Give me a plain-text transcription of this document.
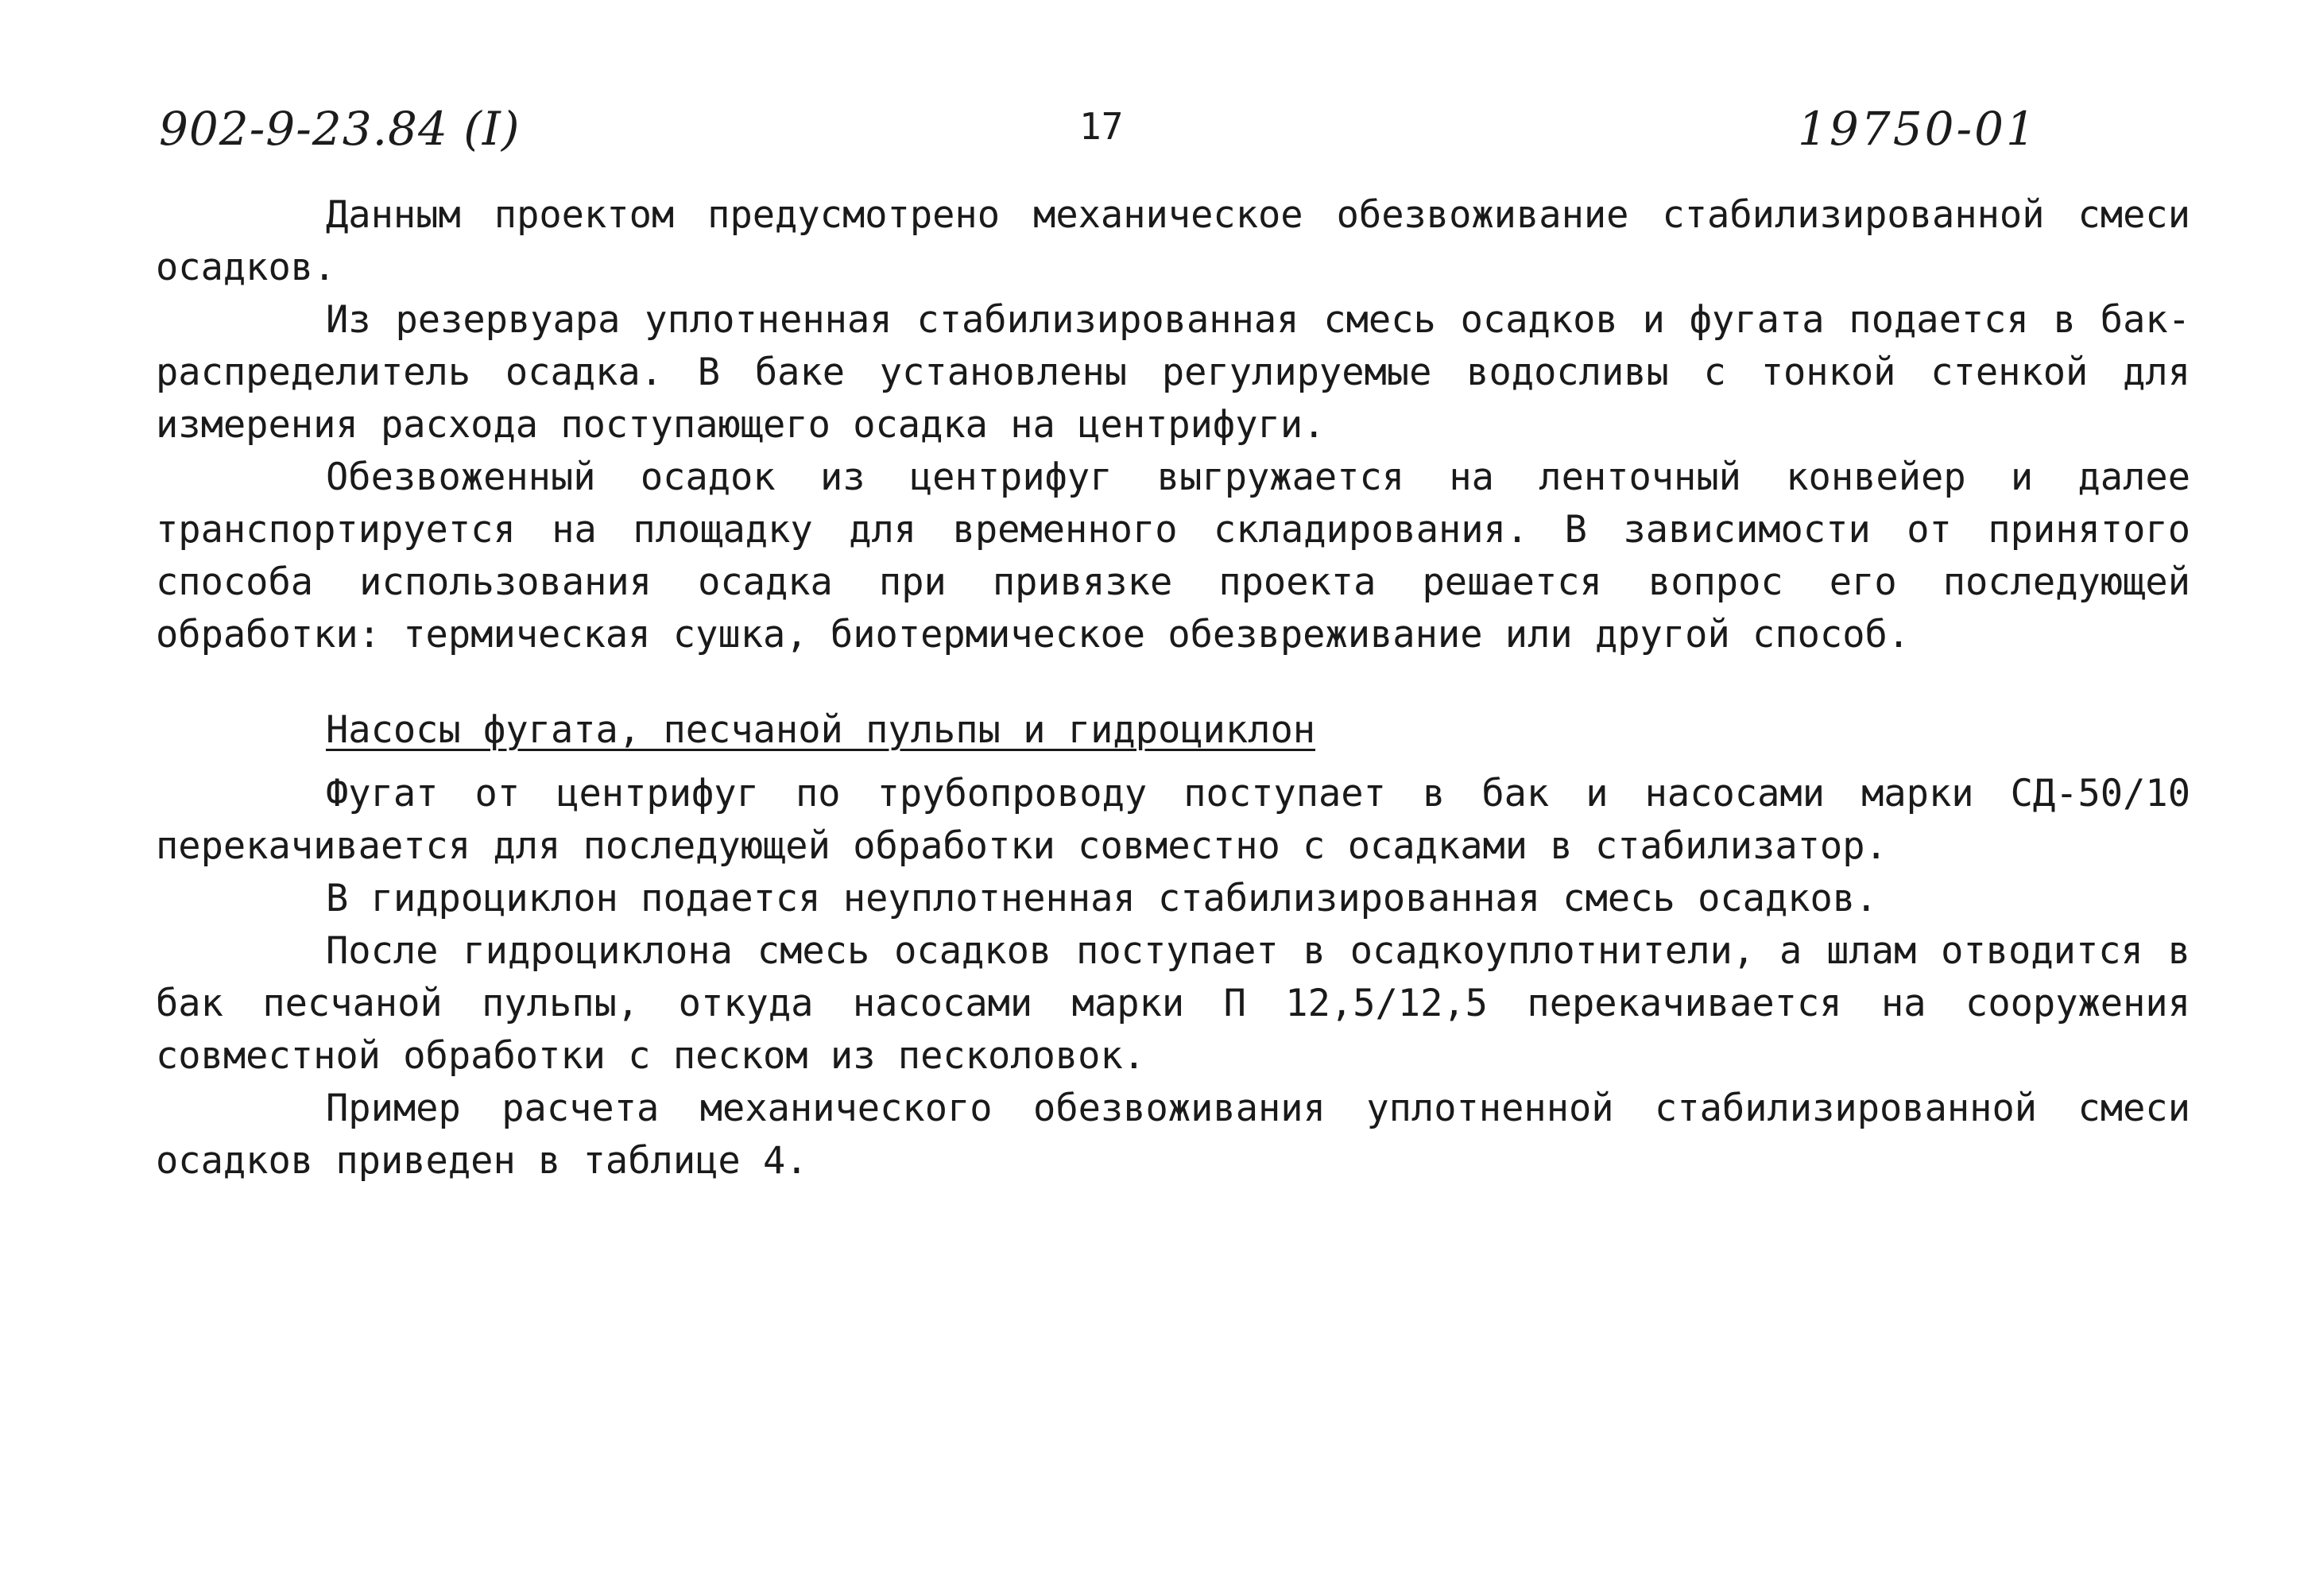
902-9-23.84 (I)	17	19750-01

Данным проектом предусмотрено механическое обезвоживание стабилизированной смеси осадков.

Из резервуара уплотненная стабилизированная смесь осадков и фугата подается в бак-распределитель осадка. В баке установлены регулируемые водосливы с тонкой стенкой для измерения расхода поступающего осадка на центрифуги.

Обезвоженный осадок из центрифуг выгружается на ленточный конвейер и далее транспортируется на площадку для временного складирования. В зависимости от принятого способа использования осадка при привязке проекта решается вопрос его последующей обработки: термическая сушка, биотермическое обезвреживание или другой способ.

Насосы фугата, песчаной пульпы и гидроциклон

Фугат от центрифуг по трубопроводу поступает в бак и насосами марки СД-50/10 перекачивается для последующей обработки совместно с осадками в стабилизатор.

В гидроциклон подается неуплотненная стабилизированная смесь осадков.

После гидроциклона смесь осадков поступает в осадкоуплотнители, а шлам отводится в бак песчаной пульпы, откуда насосами марки П 12,5/12,5 перекачивается на сооружения совместной обработки с песком из песколовок.

Пример расчета механического обезвоживания уплотненной стабилизированной смеси осадков приведен в таблице 4.
